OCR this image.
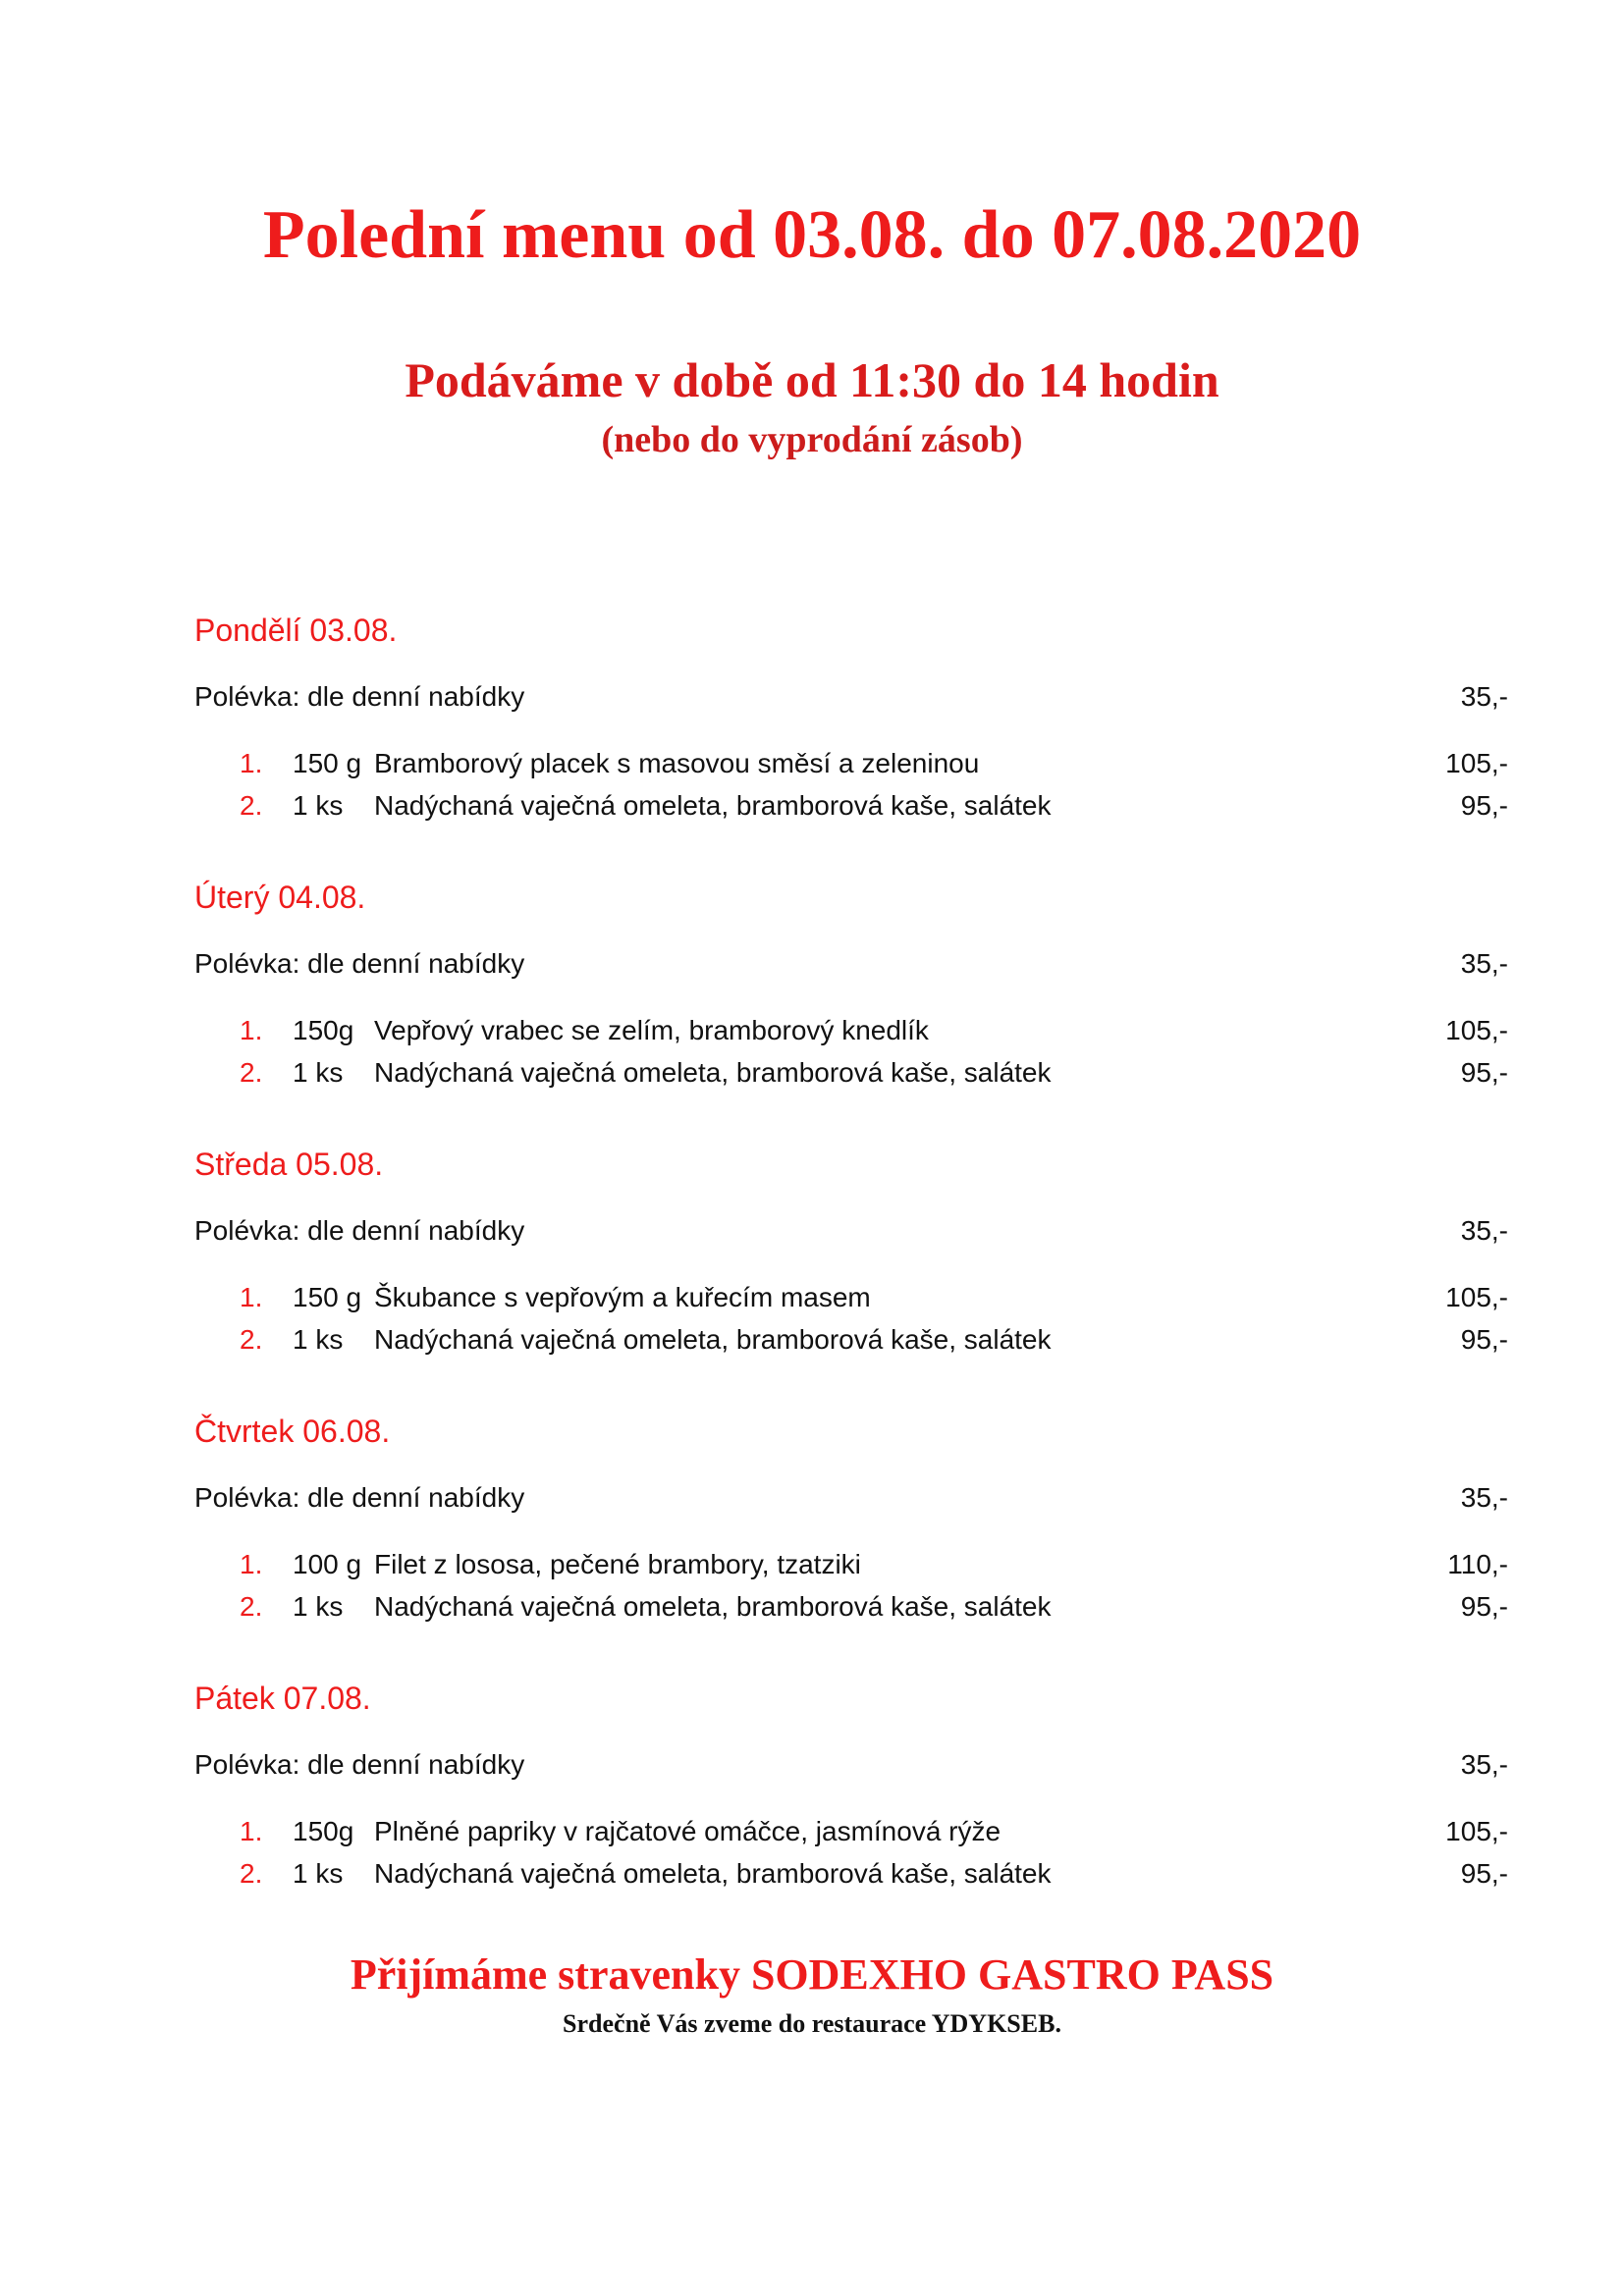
Polední menu od 03.08. do 07.08.2020
Podáváme v době od 11:30 do 14 hodin
(nebo do vyprodání zásob)
Pondělí 03.08.
Polévka: dle denní nabídky	35,-
1. 150 g Bramborový placek s masovou směsí a zeleninou	105,-
2. 1 ks Nadýchaná vaječná omeleta, bramborová kaše, salátek	95,-
Úterý 04.08.
Polévka: dle denní nabídky	35,-
1. 150g Vepřový vrabec se zelím, bramborový knedlík	105,-
2. 1 ks Nadýchaná vaječná omeleta, bramborová kaše, salátek	95,-
Středa 05.08.
Polévka: dle denní nabídky	35,-
1. 150 g Škubance s vepřovým a kuřecím masem	105,-
2. 1 ks Nadýchaná vaječná omeleta, bramborová kaše, salátek	95,-
Čtvrtek 06.08.
Polévka: dle denní nabídky	35,-
1. 100 g Filet z lososa, pečené brambory, tzatziki	110,-
2. 1 ks Nadýchaná vaječná omeleta, bramborová kaše, salátek	95,-
Pátek 07.08.
Polévka: dle denní nabídky	35,-
1. 150g Plněné papriky v rajčatové omáčce, jasmínová rýže	105,-
2. 1 ks Nadýchaná vaječná omeleta, bramborová kaše, salátek	95,-
Přijímáme stravenky SODEXHO GASTRO PASS
Srdečně Vás zveme do restaurace YDYKSEB.
